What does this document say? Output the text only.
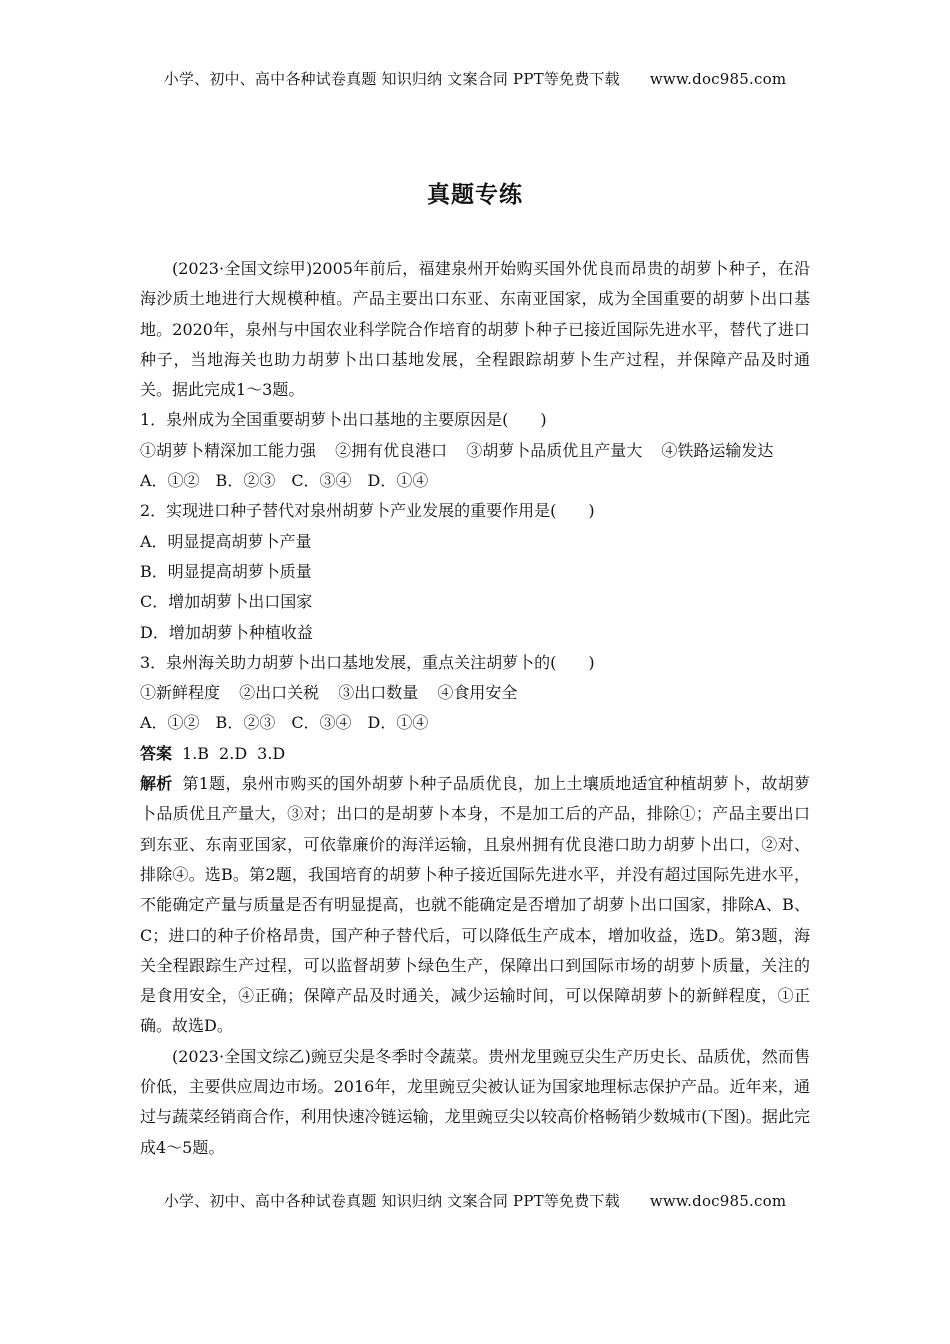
小学、初中、高中各种试卷真题 知识归纳 文案合同 PPT等免费下载 www.doc985.com
真题专练

(2023·全国文综甲)2005年前后，福建泉州开始购买国外优良而昂贵的胡萝卜种子，在沿海沙质土地进行大规模种植。产品主要出口东亚、东南亚国家，成为全国重要的胡萝卜出口基地。2020年，泉州与中国农业科学院合作培育的胡萝卜种子已接近国际先进水平，替代了进口种子，当地海关也助力胡萝卜出口基地发展，全程跟踪胡萝卜生产过程，并保障产品及时通关。据此完成1～3题。

1．泉州成为全国重要胡萝卜出口基地的主要原因是(　　)

①胡萝卜精深加工能力强 ②拥有优良港口 ③胡萝卜品质优且产量大 ④铁路运输发达

A．①②　B．②③　C．③④　D．①④

2．实现进口种子替代对泉州胡萝卜产业发展的重要作用是(　　)

A．明显提高胡萝卜产量

B．明显提高胡萝卜质量

C．增加胡萝卜出口国家

D．增加胡萝卜种植收益

3．泉州海关助力胡萝卜出口基地发展，重点关注胡萝卜的(　　)

①新鲜程度 ②出口关税 ③出口数量 ④食用安全

A．①②　B．②③　C．③④　D．①④

答案 1.B 2.D 3.D

解析 第1题，泉州市购买的国外胡萝卜种子品质优良，加上土壤质地适宜种植胡萝卜，故胡萝卜品质优且产量大，③对；出口的是胡萝卜本身，不是加工后的产品，排除①；产品主要出口到东亚、东南亚国家，可依靠廉价的海洋运输，且泉州拥有优良港口助力胡萝卜出口，②对、排除④。选B。第2题，我国培育的胡萝卜种子接近国际先进水平，并没有超过国际先进水平，不能确定产量与质量是否有明显提高，也就不能确定是否增加了胡萝卜出口国家，排除A、B、C；进口的种子价格昂贵，国产种子替代后，可以降低生产成本，增加收益，选D。第3题，海关全程跟踪生产过程，可以监督胡萝卜绿色生产，保障出口到国际市场的胡萝卜质量，关注的是食用安全，④正确；保障产品及时通关，减少运输时间，可以保障胡萝卜的新鲜程度，①正确。故选D。

(2023·全国文综乙)豌豆尖是冬季时令蔬菜。贵州龙里豌豆尖生产历史长、品质优，然而售价低，主要供应周边市场。2016年，龙里豌豆尖被认证为国家地理标志保护产品。近年来，通过与蔬菜经销商合作，利用快速冷链运输，龙里豌豆尖以较高价格畅销少数城市(下图)。据此完成4～5题。

小学、初中、高中各种试卷真题 知识归纳 文案合同 PPT等免费下载 www.doc985.com
